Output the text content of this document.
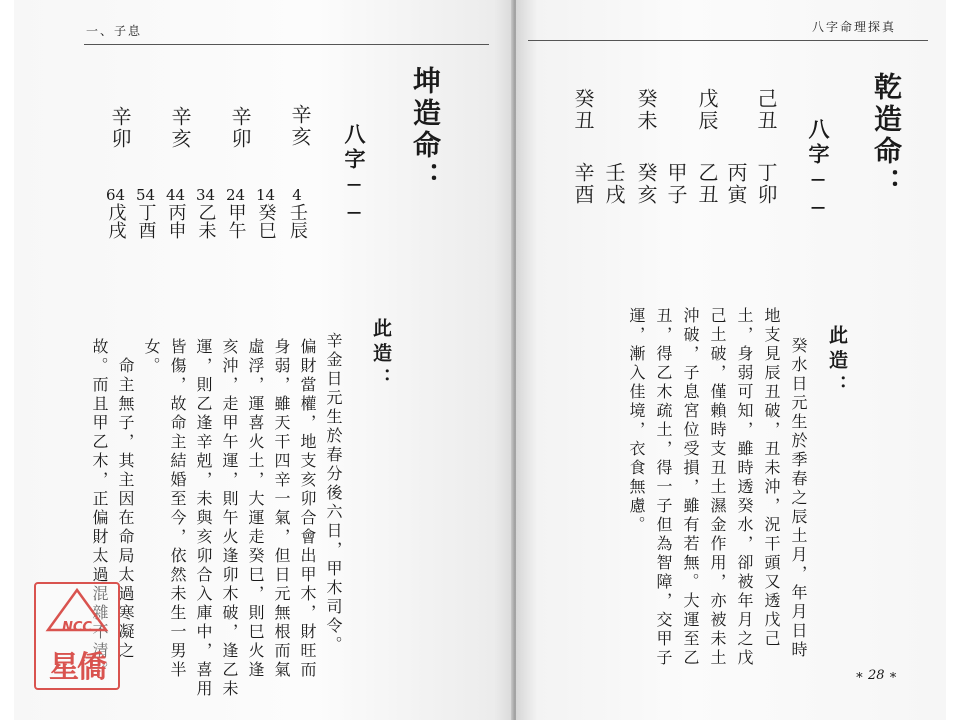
一、子息
坤造命：
八字──
辛亥
辛卯
辛亥
辛卯
4壬辰
14癸巳
24甲午
34乙未
44丙申
54丁酉
64戊戌
此造：
辛金日元生於春分後六日，甲木司令。
偏財當權，地支亥卯合會出甲木，財旺而
身弱，雖天干四辛一氣，但日元無根而氣
虛浮，運喜火土，大運走癸巳，則巳火逢
亥沖，走甲午運，則午火逢卯木破，逢乙未
運，則乙逢辛剋，未與亥卯合入庫中，喜用
皆傷，故命主結婚至今，依然未生一男半
女。
　命主無子，其主因在命局太過寒凝之
故。而且甲乙木，正偏財太過混雜不清。
八字命理探真
乾造命：
八字──
己丑
戊辰
癸未
癸丑
丁卯
丙寅
乙丑
甲子
癸亥
壬戌
辛酉
此造：
癸水日元生於季春之辰土月，年月日時
地支見辰丑破，丑未沖，況干頭又透戊己
土，身弱可知，雖時透癸水，卻被年月之戊
己土破，僅賴時支丑土濕金作用，亦被未土
沖破，子息宮位受損，雖有若無。大運至乙
丑，得乙木疏土，得一子但為智障，交甲子
運，漸入佳境，衣食無慮。
∗ 28 ∗
NCC
星僑
